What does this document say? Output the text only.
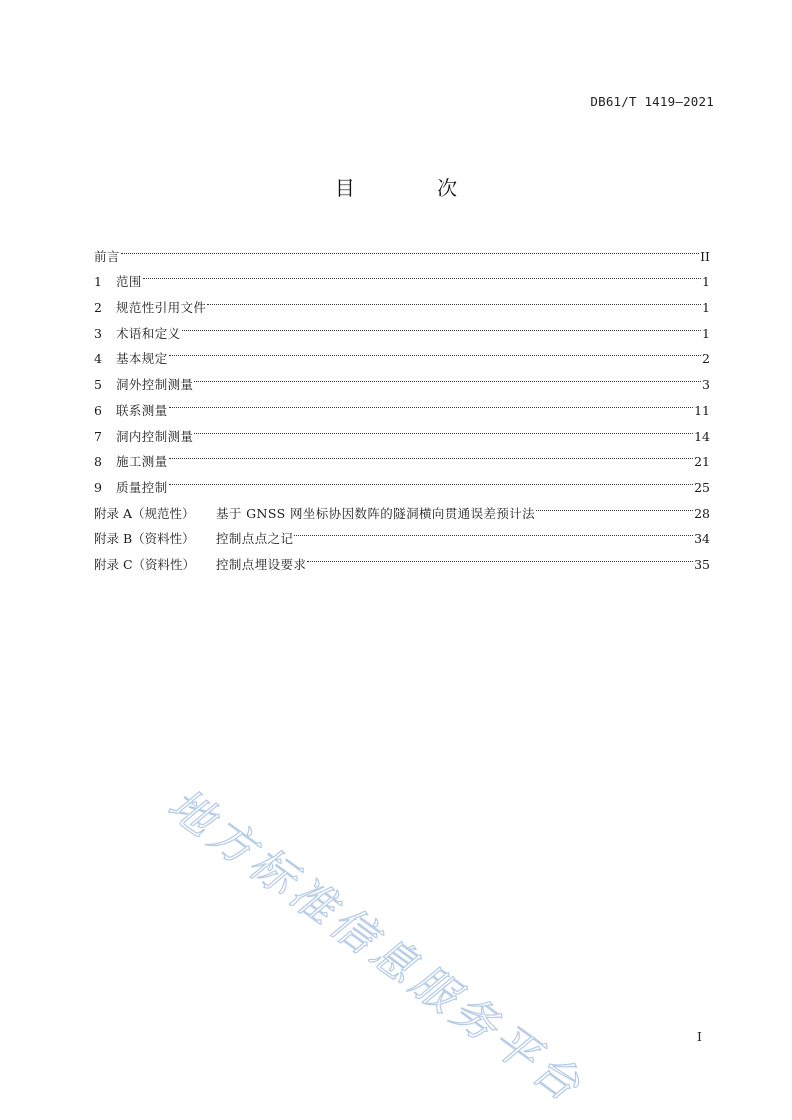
DB61/T 1419—2021
目 次
前言	II
1	范围	1
2	规范性引用文件	1
3	术语和定义	1
4	基本规定	2
5	洞外控制测量	3
6	联系测量	11
7	洞内控制测量	14
8	施工测量	21
9	质量控制	25
附录 A（规范性）	基于 GNSS 网坐标协因数阵的隧洞横向贯通误差预计法	28
附录 B（资料性）	控制点点之记	34
附录 C（资料性）	控制点埋设要求	35
地方标准信息服务平台	I
